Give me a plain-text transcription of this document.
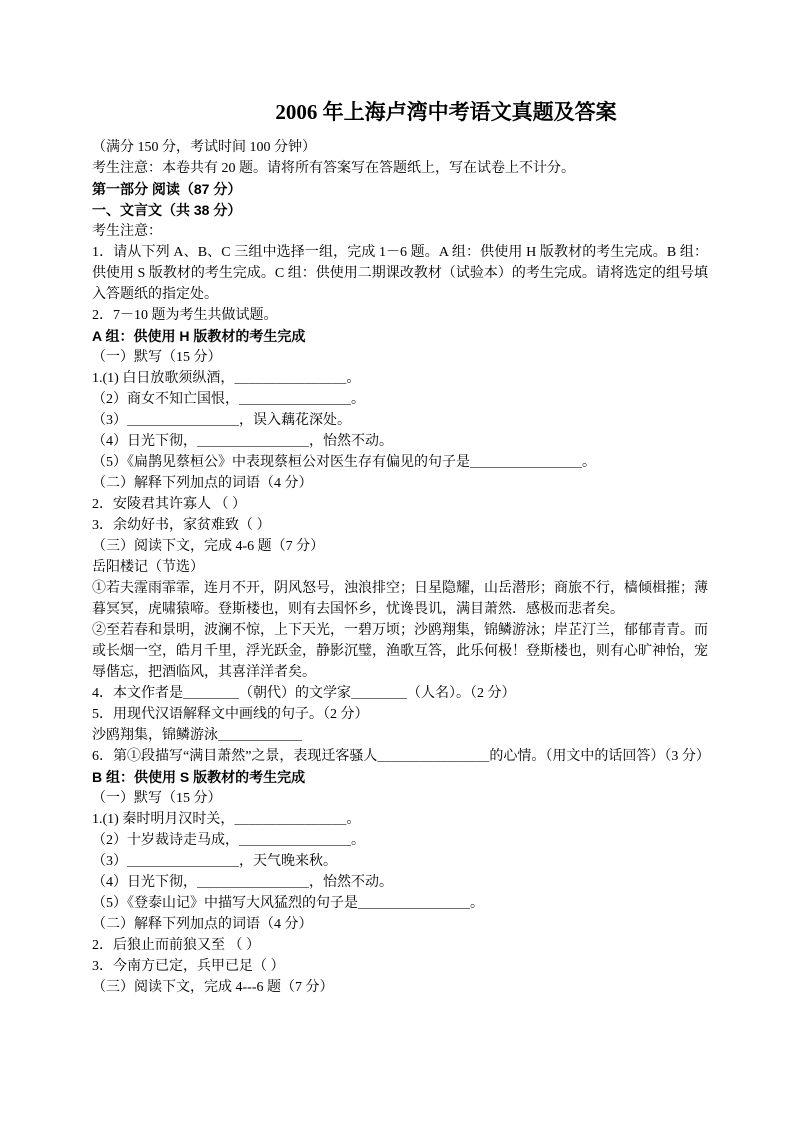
2006 年上海卢湾中考语文真题及答案

（满分 150 分，考试时间 100 分钟）

考生注意：本卷共有 20 题。请将所有答案写在答题纸上，写在试卷上不计分。

第一部分 阅读（87 分）

一、文言文（共 38 分）

考生注意：

1．请从下列 A、B、C 三组中选择一组，完成 1－6 题。A 组：供使用 H 版教材的考生完成。B 组：供使用 S 版教材的考生完成。C 组：供使用二期课改教材（试验本）的考生完成。请将选定的组号填入答题纸的指定处。

2．7－10 题为考生共做试题。

A 组：供使用 H 版教材的考生完成

（一）默写（15 分）

1.(1) 白日放歌须纵酒，＿＿＿＿＿＿＿＿。

（2）商女不知亡国恨，＿＿＿＿＿＿＿＿。

（3）＿＿＿＿＿＿＿＿，误入藕花深处。

（4）日光下彻，＿＿＿＿＿＿＿＿，怡然不动。

（5）《扁鹊见蔡桓公》中表现蔡桓公对医生存有偏见的句子是＿＿＿＿＿＿＿＿。

（二）解释下列加点的词语（4 分）

2．安陵君其许寡人 （ ）

3．余幼好书，家贫难致（ ）

（三）阅读下文，完成 4-6 题（7 分）

岳阳楼记（节选）

①若夫霪雨霏霏，连月不开，阴风怒号，浊浪排空；日星隐耀，山岳潜形；商旅不行，樯倾楫摧；薄暮冥冥，虎啸猿啼。登斯楼也，则有去国怀乡，忧谗畏讥，满目萧然．感极而悲者矣。

②至若春和景明，波澜不惊，上下天光，一碧万顷；沙鸥翔集，锦鳞游泳；岸芷汀兰，郁郁青青。而或长烟一空，皓月千里，浮光跃金，静影沉璧，渔歌互答，此乐何极！登斯楼也，则有心旷神怡，宠辱偕忘，把酒临风，其喜洋洋者矣。

4．本文作者是＿＿＿＿（朝代）的文学家＿＿＿＿（人名）。（2 分）

5．用现代汉语解释文中画线的句子。（2 分）

沙鸥翔集，锦鳞游泳＿＿＿＿＿＿

6．第①段描写“满目萧然”之景，表现迁客骚人＿＿＿＿＿＿＿＿的心情。（用文中的话回答）（3 分）

B 组：供使用 S 版教材的考生完成

（一）默写（15 分）

1.(1) 秦时明月汉时关，＿＿＿＿＿＿＿＿。

（2）十岁裁诗走马成，＿＿＿＿＿＿＿＿。

（3）＿＿＿＿＿＿＿＿，天气晚来秋。

（4）日光下彻，＿＿＿＿＿＿＿＿，怡然不动。

（5）《登泰山记》中描写大风猛烈的句子是＿＿＿＿＿＿＿＿。

（二）解释下列加点的词语（4 分）

2．后狼止而前狼又至 （ ）

3．今南方已定，兵甲已足（ ）

（三）阅读下文，完成 4---6 题（7 分）
